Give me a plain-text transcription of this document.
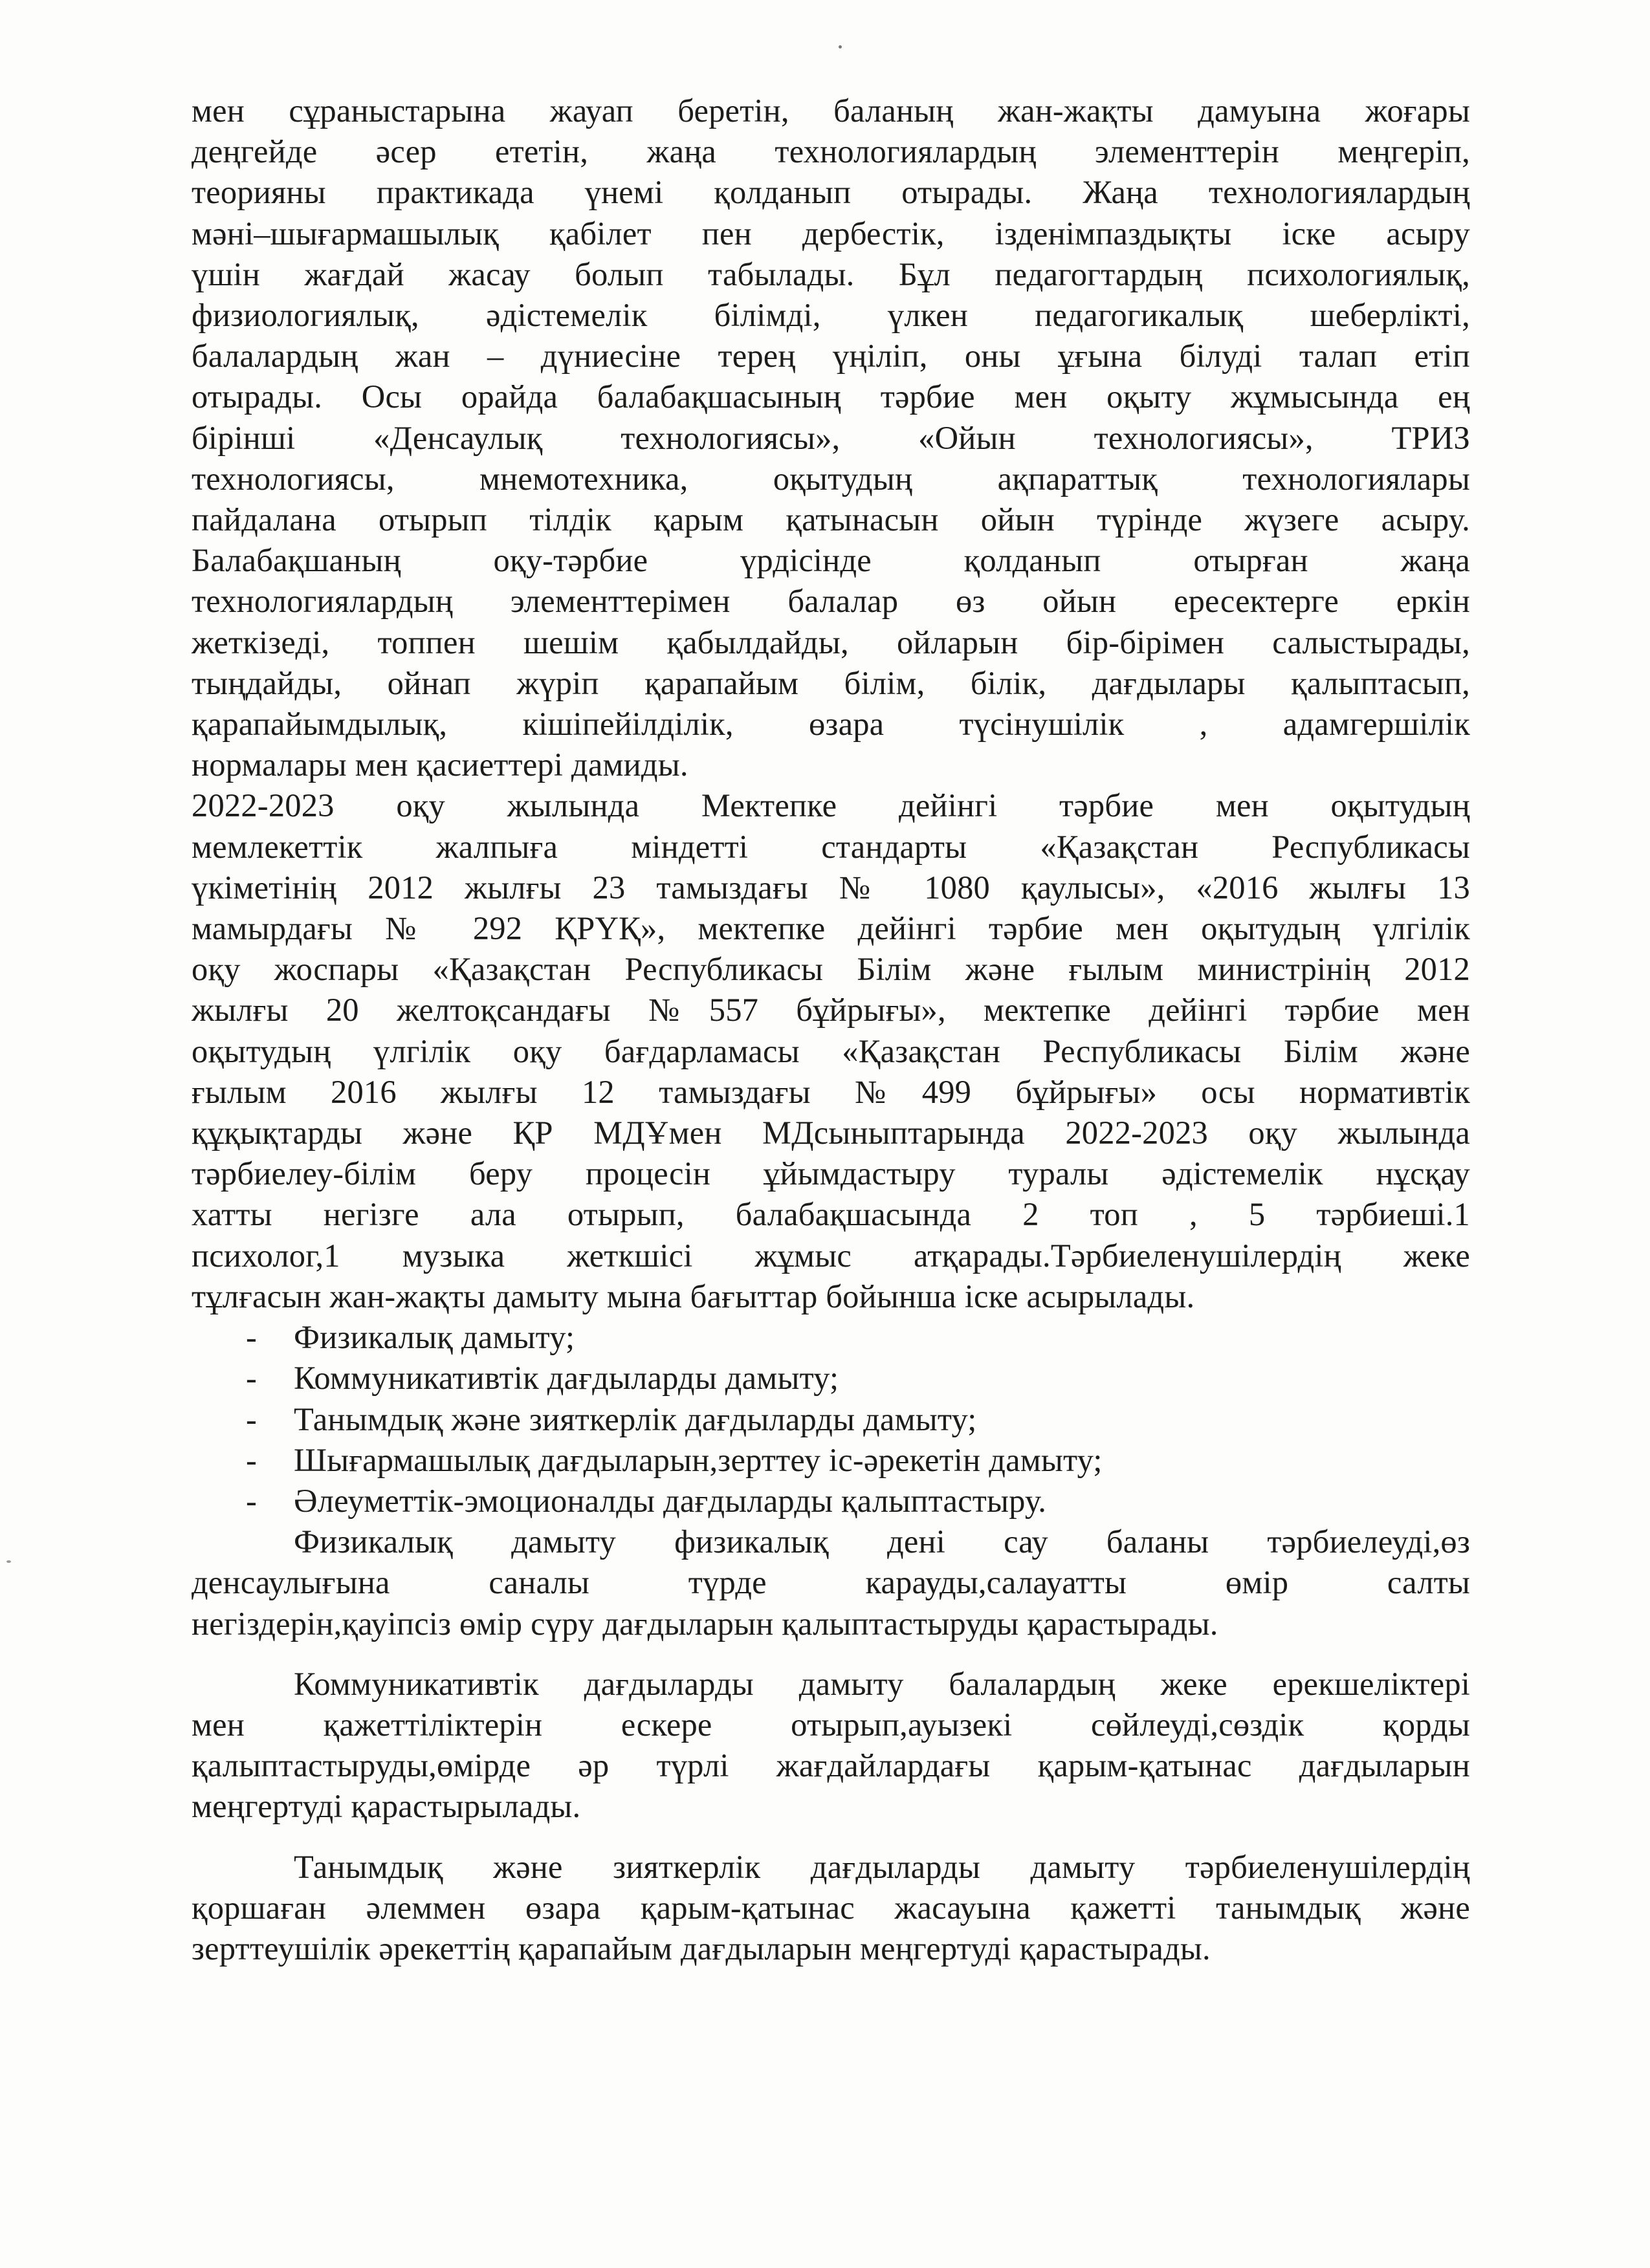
мен сұраныстарына жауап беретін, баланың жан-жақты дамуына жоғары

деңгейде әсер ететін, жаңа технологиялардың элементтерін меңгеріп,

теорияны практикада үнемі қолданып отырады. Жаңа технологиялардың

мәні–шығармашылық қабілет пен дербестік, ізденімпаздықты іске асыру

үшін жағдай жасау болып табылады. Бұл педагогтардың психологиялық,

физиологиялық, әдістемелік білімді, үлкен педагогикалық шеберлікті,

балалардың жан – дүниесіне терең үңіліп, оны ұғына білуді талап етіп

отырады. Осы орайда балабақшасының тәрбие мен оқыту жұмысында ең

бірінші «Денсаулық технологиясы», «Ойын технологиясы», ТРИЗ

технологиясы, мнемотехника, оқытудың ақпараттық технологиялары

пайдалана отырып тілдік қарым қатынасын ойын түрінде жүзеге асыру.

Балабақшаның оқу-тәрбие үрдісінде қолданып отырған жаңа

технологиялардың элементтерімен балалар өз ойын ересектерге еркін

жеткізеді, топпен шешім қабылдайды, ойларын бір-бірімен салыстырады,

тыңдайды, ойнап жүріп қарапайым білім, білік, дағдылары қалыптасып,

қарапайымдылық, кішіпейілділік, өзара түсінушілік , адамгершілік

нормалары мен қасиеттері дамиды.

2022-2023 оқу жылында Мектепке дейінгі тәрбие мен оқытудың

мемлекеттік жалпыға міндетті стандарты «Қазақстан Республикасы

үкіметінің 2012 жылғы 23 тамыздағы № 1080 қаулысы», «2016 жылғы 13

мамырдағы № 292 ҚРҮҚ», мектепке дейінгі тәрбие мен оқытудың үлгілік

оқу жоспары «Қазақстан Республикасы Білім және ғылым министрінің 2012

жылғы 20 желтоқсандағы №557 бұйрығы», мектепке дейінгі тәрбие мен

оқытудың үлгілік оқу бағдарламасы «Қазақстан Республикасы Білім және

ғылым 2016 жылғы 12 тамыздағы №499 бұйрығы» осы нормативтік

құқықтарды және ҚР МДҰмен МДсыныптарында 2022-2023 оқу жылында

тәрбиелеу-білім беру процесін ұйымдастыру туралы әдістемелік нұсқау

хатты негізге ала отырып, балабақшасында 2 топ , 5 тәрбиеші.1

психолог,1 музыка жеткшісі жұмыс атқарады.Тәрбиеленушілердің жеке

тұлғасын жан-жақты дамыту мына бағыттар бойынша іске асырылады.

- Физикалық дамыту;
- Коммуникативтік дағдыларды дамыту;
- Танымдық және зияткерлік дағдыларды дамыту;
- Шығармашылық дағдыларын,зерттеу іс-әрекетін дамыту;
- Әлеуметтік-эмоционалды дағдыларды қалыптастыру.

Физикалық дамыту физикалық дені сау баланы тәрбиелеуді,өз

денсаулығына саналы түрде карауды,салауатты өмір салты

негіздерін,қауіпсіз өмір сүру дағдыларын қалыптастыруды қарастырады.

Коммуникативтік дағдыларды дамыту балалардың жеке ерекшеліктері

мен қажеттіліктерін ескере отырып,ауызекі сөйлеуді,сөздік қорды

қалыптастыруды,өмірде әр түрлі жағдайлардағы қарым-қатынас дағдыларын

меңгертуді қарастырылады.

Танымдық және зияткерлік дағдыларды дамыту тәрбиеленушілердің

қоршаған әлеммен өзара қарым-қатынас жасауына қажетті танымдық және

зерттеушілік әрекеттің қарапайым дағдыларын меңгертуді қарастырады.
